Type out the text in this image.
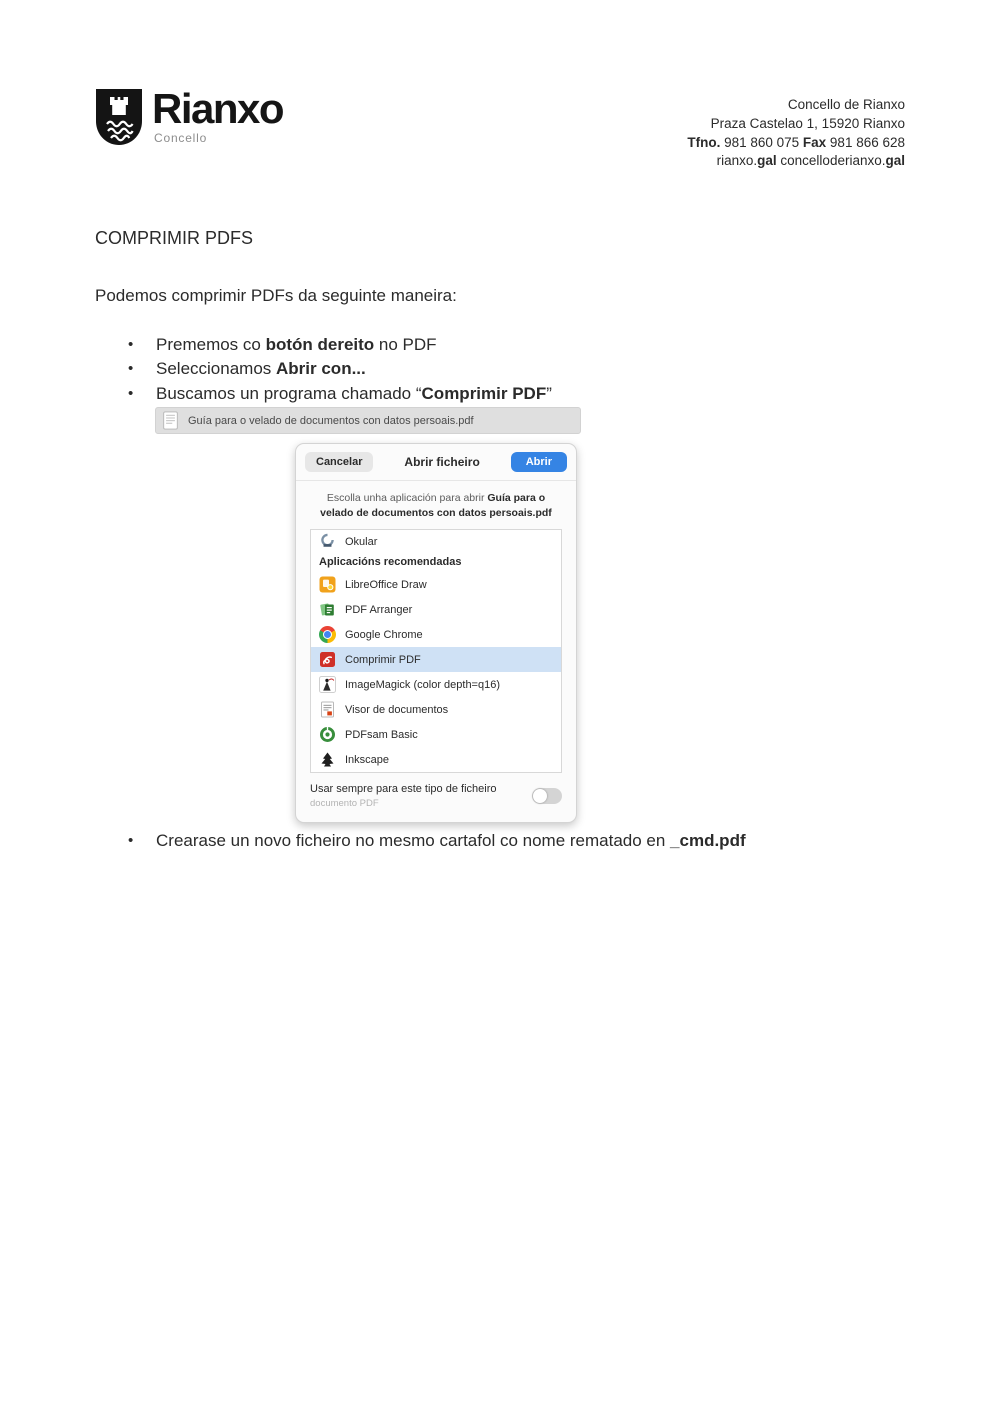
Rianxo
Concello
Concello de Rianxo
Praza Castelao 1, 15920 Rianxo
Tfno. 981 860 075 Fax 981 866 628
rianxo.gal concelloderianxo.gal
COMPRIMIR PDFS
Podemos comprimir PDFs da seguinte maneira:
• Prememos co botón dereito no PDF
• Seleccionamos Abrir con...
• Buscamos un programa chamado “Comprimir PDF”
Guía para o velado de documentos con datos persoais.pdf
Cancelar	Abrir ficheiro	Abrir
Escolla unha aplicación para abrir Guía para o velado de documentos con datos persoais.pdf
Okular
Aplicacións recomendadas
LibreOffice Draw
PDF Arranger
Google Chrome
Comprimir PDF
ImageMagick (color depth=q16)
Visor de documentos
PDFsam Basic
Inkscape
Usar sempre para este tipo de ficheiro
documento PDF
• Crearase un novo ficheiro no mesmo cartafol co nome rematado en _cmd.pdf
